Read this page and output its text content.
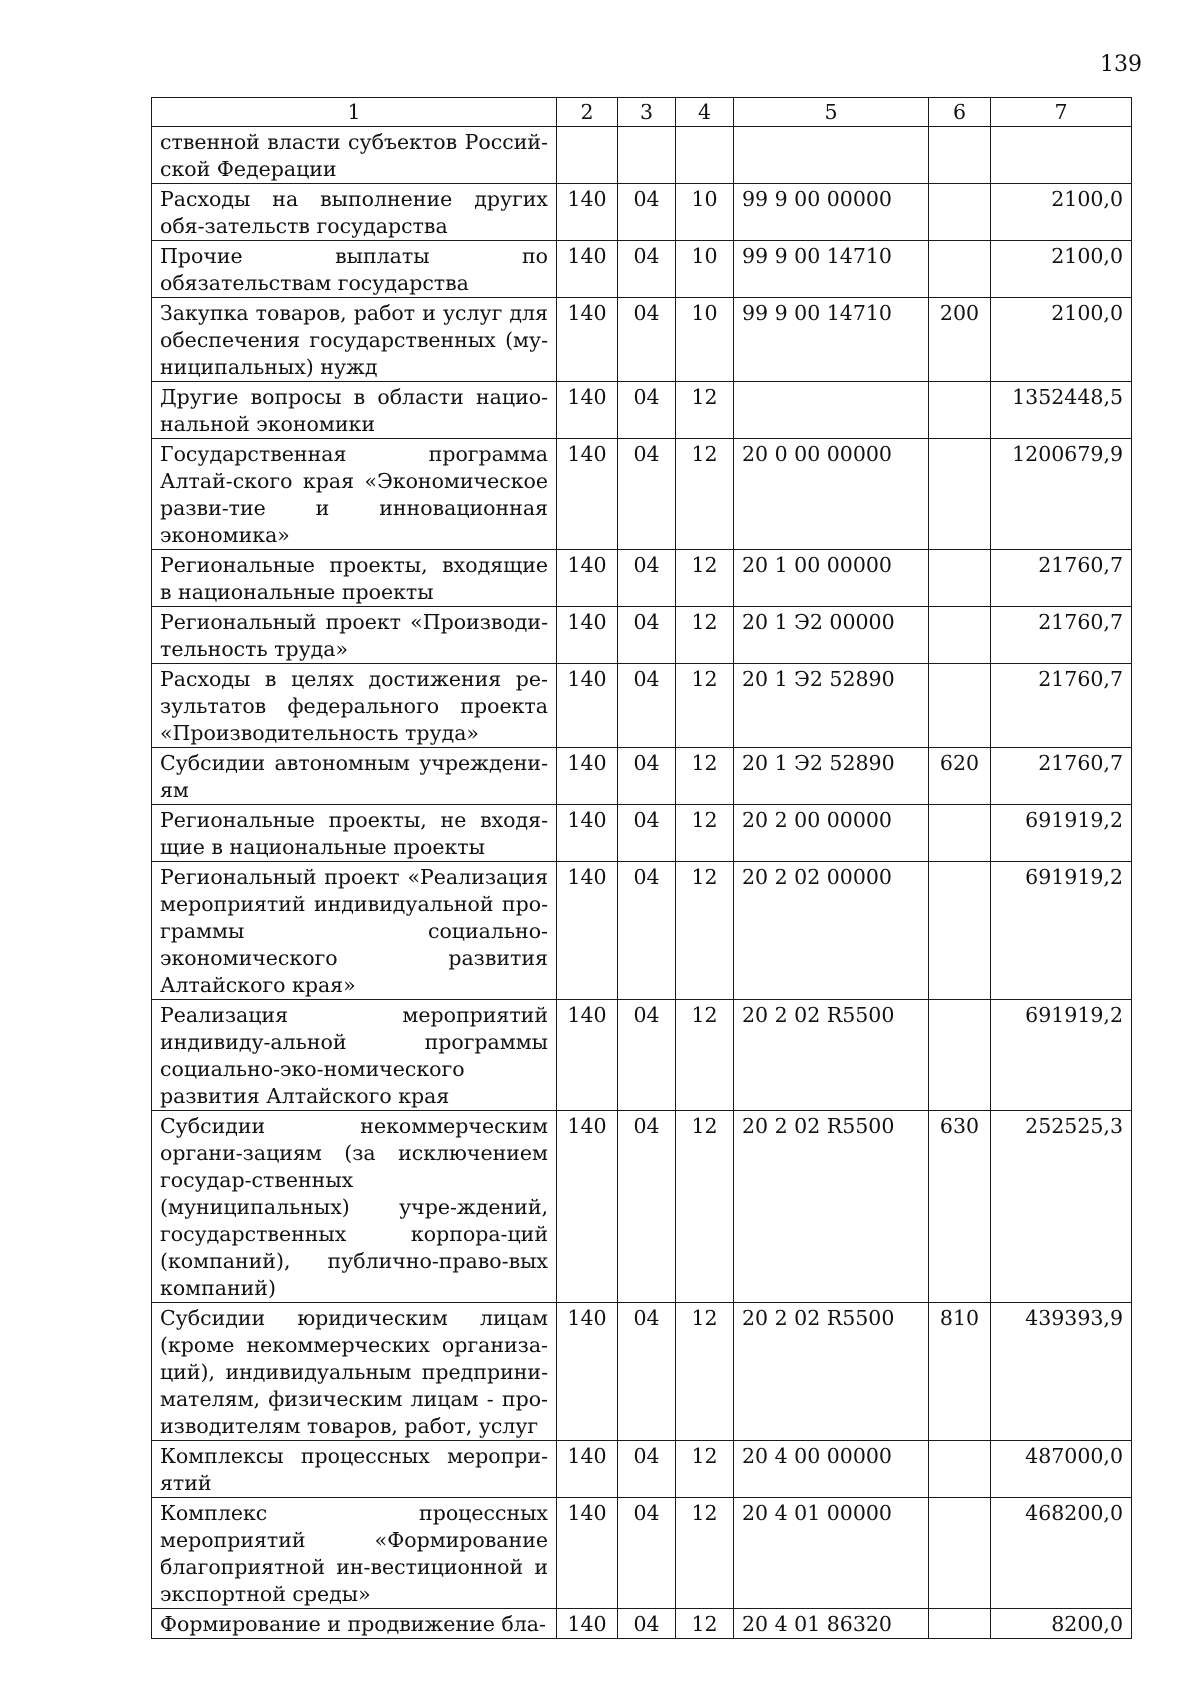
139
1	2	3	4	5	6	7
ственной власти субъектов Россий-ской Федерации						
Расходы на выполнение других обя-зательств государства	140	04	10	99 9 00 00000		2100,0
Прочие выплаты по обязательствам государства	140	04	10	99 9 00 14710		2100,0
Закупка товаров, работ и услуг для обеспечения государственных (му-ниципальных) нужд	140	04	10	99 9 00 14710	200	2100,0
Другие вопросы в области нацио-нальной экономики	140	04	12			1352448,5
Государственная программа Алтай-ского края «Экономическое разви-тие и инновационная экономика»	140	04	12	20 0 00 00000		1200679,9
Региональные проекты, входящие в национальные проекты	140	04	12	20 1 00 00000		21760,7
Региональный проект «Производи-тельность труда»	140	04	12	20 1 Э2 00000		21760,7
Расходы в целях достижения ре-зультатов федерального проекта «Производительность труда»	140	04	12	20 1 Э2 52890		21760,7
Субсидии автономным учреждени-ям	140	04	12	20 1 Э2 52890	620	21760,7
Региональные проекты, не входя-щие в национальные проекты	140	04	12	20 2 00 00000		691919,2
Региональный проект «Реализация мероприятий индивидуальной про-граммы социально-экономического развития Алтайского края»	140	04	12	20 2 02 00000		691919,2
Реализация мероприятий индивиду-альной программы социально-эко-номического развития Алтайского края	140	04	12	20 2 02 R5500		691919,2
Субсидии некоммерческим органи-зациям (за исключением государ-ственных (муниципальных) учре-ждений, государственных корпора-ций (компаний), публично-право-вых компаний)	140	04	12	20 2 02 R5500	630	252525,3
Субсидии юридическим лицам (кроме некоммерческих организа-ций), индивидуальным предприни-мателям, физическим лицам - про-изводителям товаров, работ, услуг	140	04	12	20 2 02 R5500	810	439393,9
Комплексы процессных меропри-ятий	140	04	12	20 4 00 00000		487000,0
Комплекс процессных мероприятий «Формирование благоприятной ин-вестиционной и экспортной среды»	140	04	12	20 4 01 00000		468200,0
Формирование и продвижение бла-	140	04	12	20 4 01 86320		8200,0
